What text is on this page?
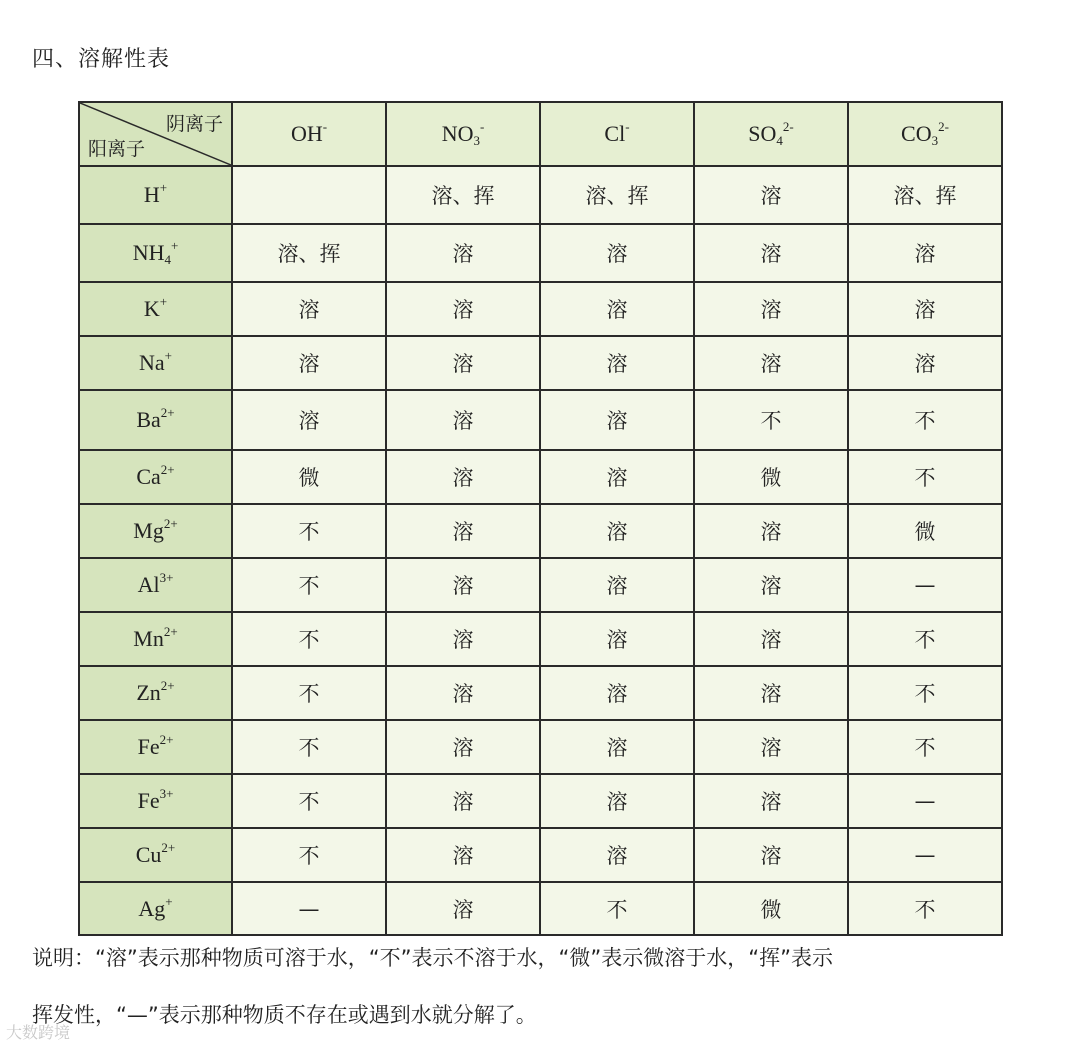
四、溶解性表
阴离子
阳离子	OH-	$NO_3^-$	Cl-	$SO_4^{2-}$	$CO_3^{2-}$
H+		溶、挥	溶、挥	溶	溶、挥
$NH_4^+$	溶、挥	溶	溶	溶	溶
K+	溶	溶	溶	溶	溶
Na+	溶	溶	溶	溶	溶
$Ba^{2+}$	溶	溶	溶	不	不
$Ca^{2+}$	微	溶	溶	微	不
$Mg^{2+}$	不	溶	溶	溶	微
$Al^{3+}$	不	溶	溶	溶	—
$Mn^{2+}$	不	溶	溶	溶	不
$Zn^{2+}$	不	溶	溶	溶	不
$Fe^{2+}$	不	溶	溶	溶	不
$Fe^{3+}$	不	溶	溶	溶	—
$Cu^{2+}$	不	溶	溶	溶	—
Ag+	—	溶	不	微	不
说明：“溶”表示那种物质可溶于水，“不”表示不溶于水，“微”表示微溶于水，“挥”表示
挥发性，“—”表示那种物质不存在或遇到水就分解了。
大数跨境
